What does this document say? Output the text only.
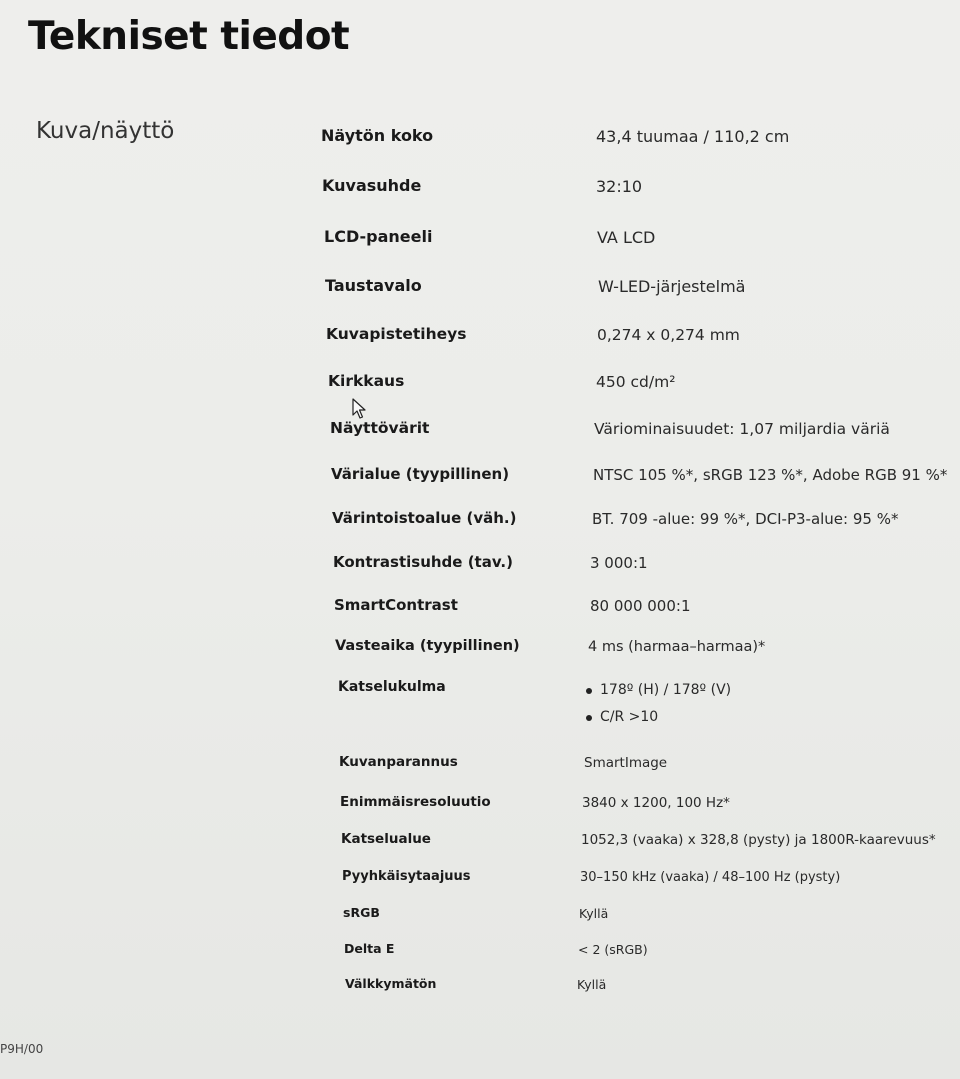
Tekniset tiedot
Kuva/näyttö	Näytön koko	43,4 tuumaa / 110,2 cm
Kuvasuhde	32:10
LCD-paneeli	VA LCD
Taustavalo	W-LED-järjestelmä
Kuvapistetiheys	0,274 x 0,274 mm
Kirkkaus	450 cd/m²
Näyttövärit	Väriominaisuudet: 1,07 miljardia väriä
Värialue (tyypillinen)	NTSC 105 %*, sRGB 123 %*, Adobe RGB 91 %*
Värintoistoalue (väh.)	BT. 709 -alue: 99 %*, DCI-P3-alue: 95 %*
Kontrastisuhde (tav.)	3 000:1
SmartContrast	80 000 000:1
Vasteaika (tyypillinen)	4 ms (harmaa–harmaa)*
Katselukulma	178º (H) / 178º (V)
C/R >10
Kuvanparannus	SmartImage
Enimmäisresoluutio	3840 x 1200, 100 Hz*
Katselualue	1052,3 (vaaka) x 328,8 (pysty) ja 1800R-kaarevuus*
Pyyhkäisytaajuus	30–150 kHz (vaaka) / 48–100 Hz (pysty)
sRGB	Kyllä
Delta E	< 2 (sRGB)
Välkkymätön	Kyllä
P9H/00
